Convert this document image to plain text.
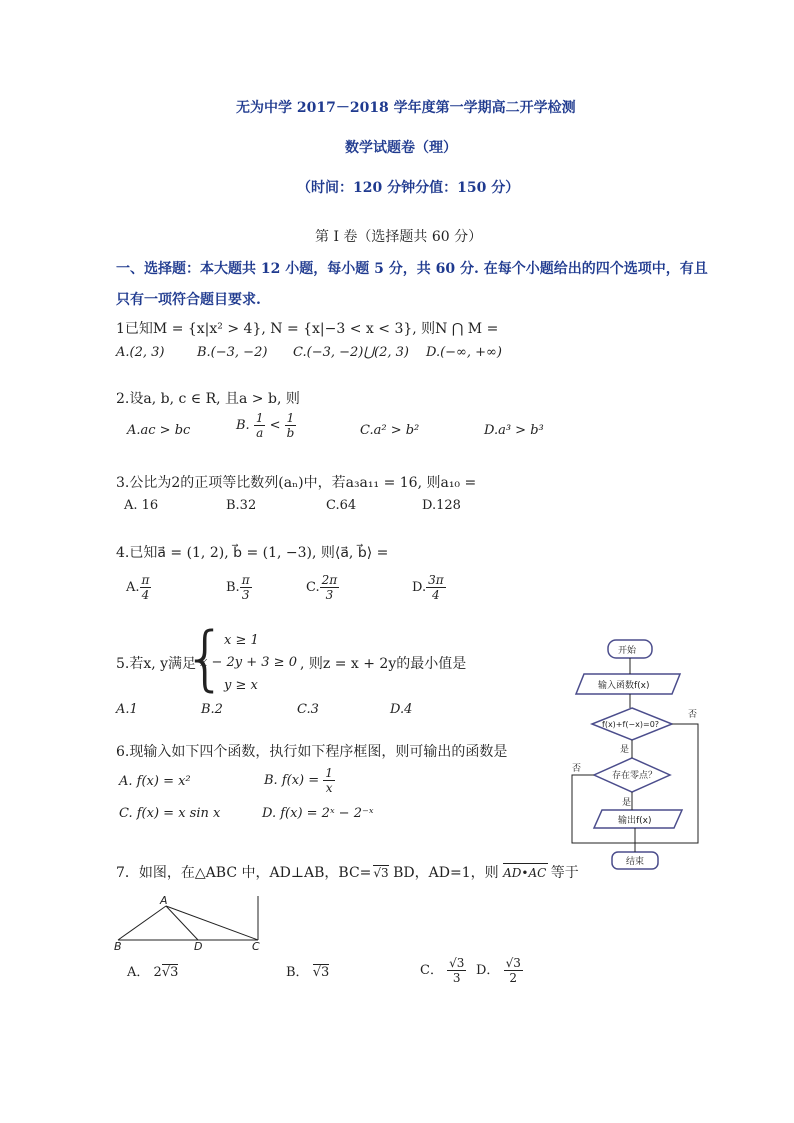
无为中学 2017－2018 学年度第一学期高二开学检测
数学试题卷（理）
（时间：120 分钟分值：150 分）
第 I 卷（选择题共 60 分）
一、选择题：本大题共 12 小题，每小题 5 分，共 60 分. 在每个小题给出的四个选项中，有且
只有一项符合题目要求.
1已知M = {x|x² > 4}, N = {x|−3 < x < 3}, 则N ⋂ M =
A.(2, 3)	B.(−3, −2) C.(−3, −2)⋃(2, 3) D.(−∞, +∞)
2.设a, b, c ∈ R, 且a > b, 则
A.ac > bc	B. $\frac{1}{a} < \frac{1}{b}$	C.a² > b²	D.a³ > b³
3.公比为2的正项等比数列(aₙ)中，若a₃a₁₁ = 16, 则a₁₀ =
A. 16	B.32	C.64	D.128
4.已知a⃗ = (1, 2), b⃗ = (1, −3), 则⟨a⃗, b⃗⟩ =
A. $\frac{\pi}{4}$	B. $\frac{\pi}{3}$	C. $\frac{2\pi}{3}$	D. $\frac{3\pi}{4}$
5.若x, y满足
{
x ≥ 1
x − 2y + 3 ≥ 0
y ≥ x
, 则z = x + 2y的最小值是
A.1	B.2	C.3	D.4
6.现输入如下四个函数，执行如下程序框图，则可输出的函数是
A. f(x) = x²	B. $f(x) = \frac{1}{x}$
C. f(x) = x sin x	D. f(x) = 2ˣ − 2⁻ˣ
开始
输入函数f(x)
f(x)+f(−x)=0?
是
否
存在零点？
是
否
输出f(x)
结束
7．如图，在△ABC 中，AD⊥AB，BC= √3 BD，AD=1，则 AD•AC 等于
A
B	D	C
A． 2√3	B． √3	C． $\frac{√3}{3}$ D． $\frac{√3}{2}$
